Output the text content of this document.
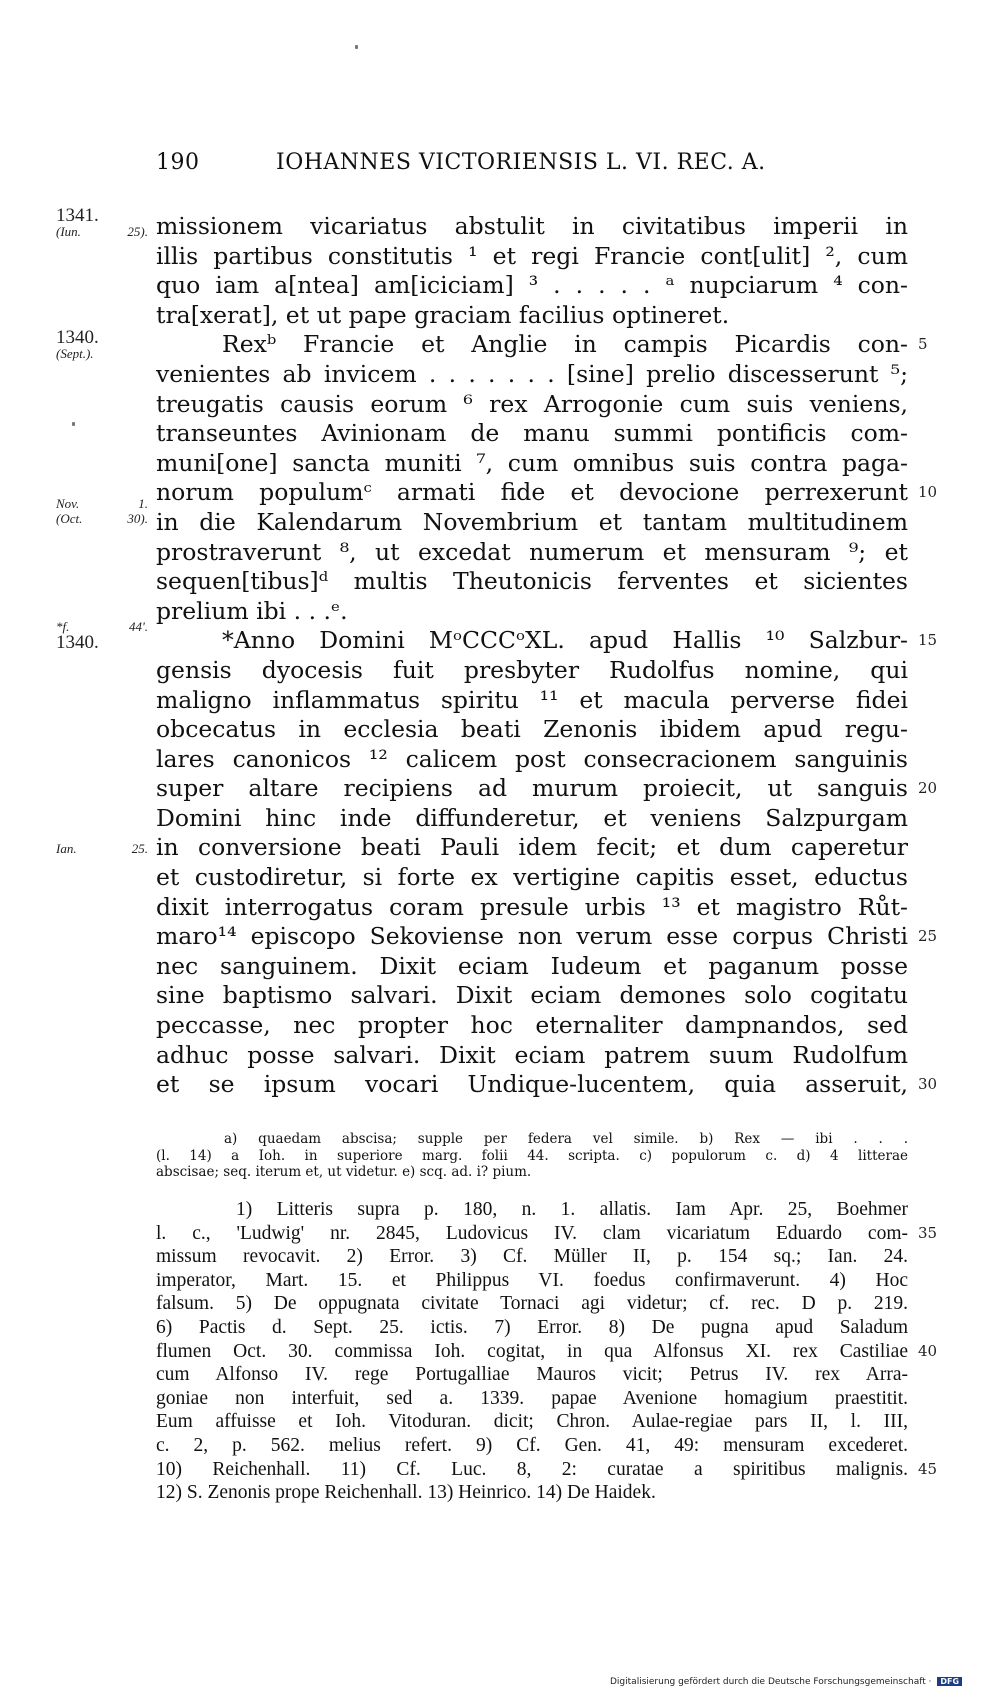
190	IOHANNES VICTORIENSIS L. VI. REC. A.
1341.
(Iun. 25). missionem vicariatus abstulit in civitatibus imperii in
illis partibus constitutis ¹ et regi Francie cont[ulit] ², cum
quo iam a[ntea] am[iciciam] ³ . . . . . ᵃ nupciarum ⁴ con-
tra[xerat], et ut pape graciam facilius optineret.
1340.
(Sept.).	Rexᵇ Francie et Anglie in campis Picardis con- 5
venientes ab invicem . . . . . . . [sine] prelio discesserunt ⁵;
treugatis causis eorum ⁶ rex Arrogonie cum suis veniens,
transeuntes Avinionam de manu summi pontificis com-
muni[one] sancta muniti ⁷, cum omnibus suis contra paga-
norum populumᶜ armati fide et devocione perrexerunt 10
Nov. 1.
(Oct. 30). in die Kalendarum Novembrium et tantam multitudinem
prostraverunt ⁸, ut excedat numerum et mensuram ⁹; et
sequen[tibus]ᵈ multis Theutonicis ferventes et sicientes
prelium ibi . . .ᵉ.
*f. 44'.
1340.	*Anno Domini MᵒCCCᵒXL. apud Hallis ¹⁰ Salzbur- 15
gensis dyocesis fuit presbyter Rudolfus nomine, qui
maligno inflammatus spiritu ¹¹ et macula perverse fidei
obcecatus in ecclesia beati Zenonis ibidem apud regu-
lares canonicos ¹² calicem post consecracionem sanguinis
super altare recipiens ad murum proiecit, ut sanguis 20
Domini hinc inde diffunderetur, et veniens Salzpurgam
Ian. 25. in conversione beati Pauli idem fecit; et dum caperetur
et custodiretur, si forte ex vertigine capitis esset, eductus
dixit interrogatus coram presule urbis ¹³ et magistro Růt-
maro¹⁴ episcopo Sekoviense non verum esse corpus Christi 25
nec sanguinem. Dixit eciam Iudeum et paganum posse
sine baptismo salvari. Dixit eciam demones solo cogitatu
peccasse, nec propter hoc eternaliter dampnandos, sed
adhuc posse salvari. Dixit eciam patrem suum Rudolfum
et se ipsum vocari Undique-lucentem, quia asseruit, 30
a) quaedam abscisa; supple per federa vel simile. b) Rex — ibi . . .
(l. 14) a Ioh. in superiore marg. folii 44. scripta. c) populorum c. d) 4 litterae
abscisae; seq. iterum et, ut videtur. e) scq. ad. i? pium.
1) Litteris supra p. 180, n. 1. allatis. Iam Apr. 25, Boehmer
l. c., 'Ludwig' nr. 2845, Ludovicus IV. clam vicariatum Eduardo com- 35
missum revocavit. 2) Error. 3) Cf. Müller II, p. 154 sq.; Ian. 24.
imperator, Mart. 15. et Philippus VI. foedus confirmaverunt. 4) Hoc
falsum. 5) De oppugnata civitate Tornaci agi videtur; cf. rec. D p. 219.
6) Pactis d. Sept. 25. ictis. 7) Error. 8) De pugna apud Saladum
flumen Oct. 30. commissa Ioh. cogitat, in qua Alfonsus XI. rex Castiliae 40
cum Alfonso IV. rege Portugalliae Mauros vicit; Petrus IV. rex Arra-
goniae non interfuit, sed a. 1339. papae Avenione homagium praestitit.
Eum affuisse et Ioh. Vitoduran. dicit; Chron. Aulae-regiae pars II, l. III,
c. 2, p. 562. melius refert. 9) Cf. Gen. 41, 49: mensuram excederet.
10) Reichenhall. 11) Cf. Luc. 8, 2: curatae a spiritibus malignis. 45
12) S. Zenonis prope Reichenhall. 13) Heinrico. 14) De Haidek.
Digitalisierung gefördert durch die Deutsche Forschungsgemeinschaft · DFG
